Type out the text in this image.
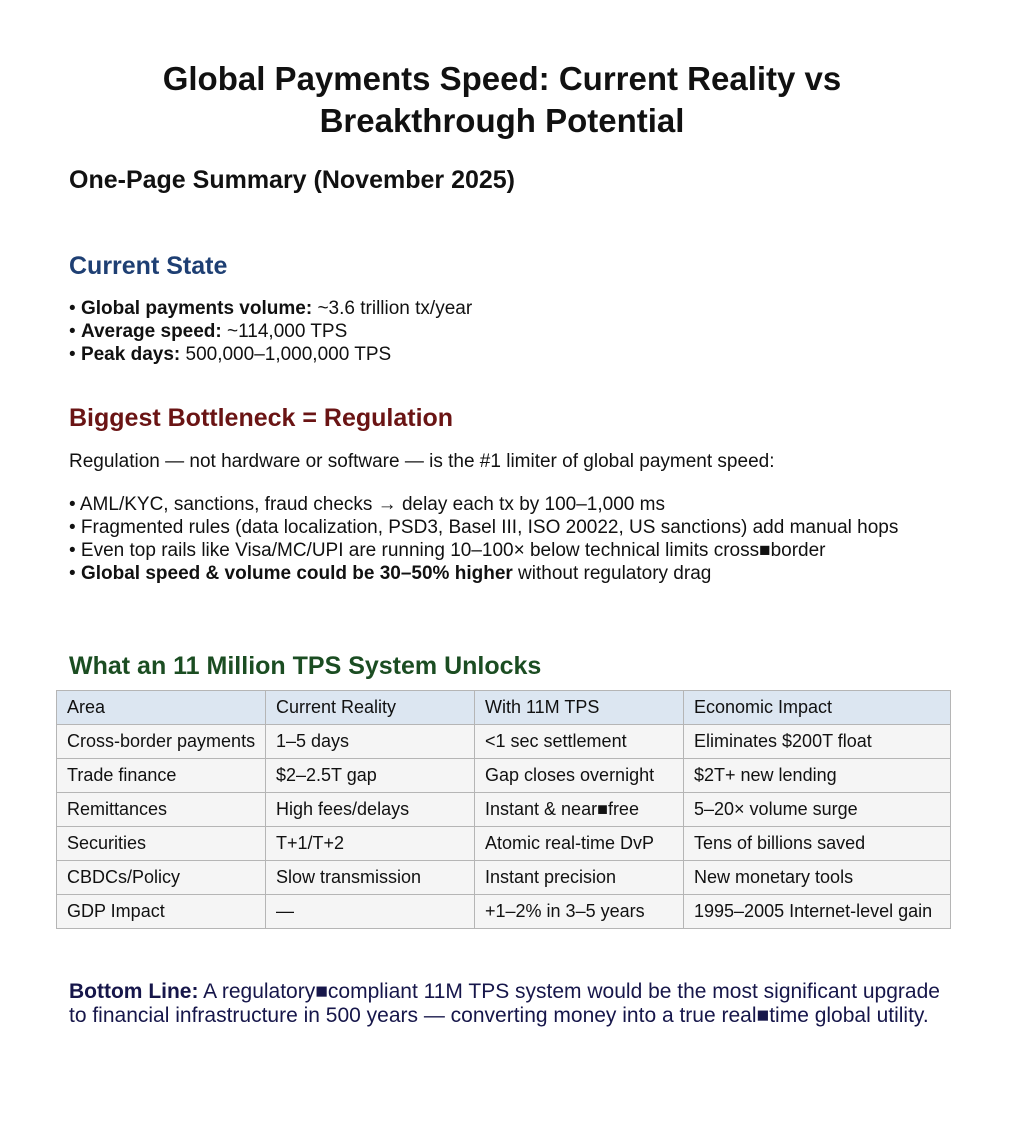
Global Payments Speed: Current Reality vs
Breakthrough Potential
One-Page Summary (November 2025)
Current State
• Global payments volume: ~3.6 trillion tx/year
• Average speed: ~114,000 TPS
• Peak days: 500,000–1,000,000 TPS
Biggest Bottleneck = Regulation
Regulation — not hardware or software — is the #1 limiter of global payment speed:
• AML/KYC, sanctions, fraud checks → delay each tx by 100–1,000 ms
• Fragmented rules (data localization, PSD3, Basel III, ISO 20022, US sanctions) add manual hops
• Even top rails like Visa/MC/UPI are running 10–100× below technical limits cross■border
• Global speed & volume could be 30–50% higher without regulatory drag
What an 11 Million TPS System Unlocks
Area	Current Reality	With 11M TPS	Economic Impact
Cross-border payments	1–5 days	<1 sec settlement	Eliminates $200T float
Trade finance	$2–2.5T gap	Gap closes overnight	$2T+ new lending
Remittances	High fees/delays	Instant & near■free	5–20× volume surge
Securities	T+1/T+2	Atomic real-time DvP	Tens of billions saved
CBDCs/Policy	Slow transmission	Instant precision	New monetary tools
GDP Impact	—	+1–2% in 3–5 years	1995–2005 Internet-level gain
Bottom Line: A regulatory■compliant 11M TPS system would be the most significant upgrade to financial infrastructure in 500 years — converting money into a true real■time global utility.
